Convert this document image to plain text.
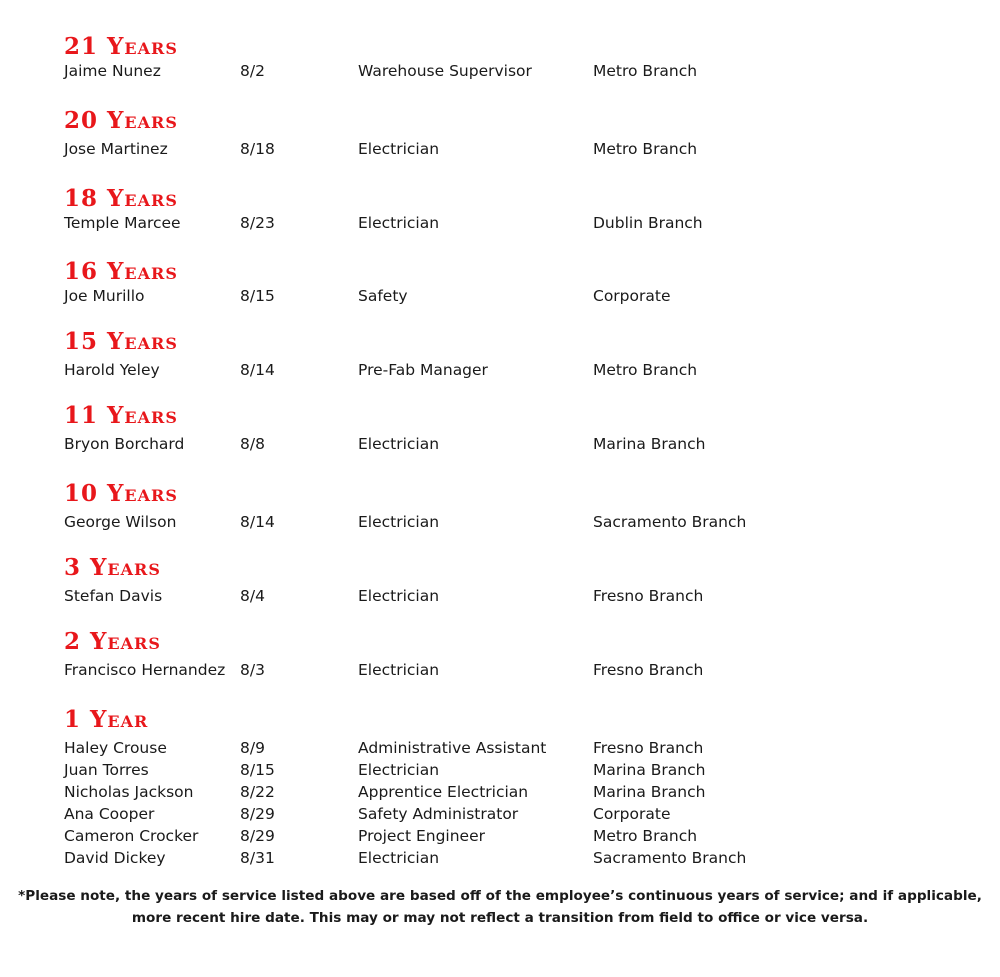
21 Years
Jaime Nunez	8/2	Warehouse Supervisor	Metro Branch
20 Years
Jose Martinez	8/18	Electrician	Metro Branch
18 Years
Temple Marcee	8/23	Electrician	Dublin Branch
16 Years
Joe Murillo	8/15	Safety	Corporate
15 Years
Harold Yeley	8/14	Pre-Fab Manager	Metro Branch
11 Years
Bryon Borchard	8/8	Electrician	Marina Branch
10 Years
George Wilson	8/14	Electrician	Sacramento Branch
3 Years
Stefan Davis	8/4	Electrician	Fresno Branch
2 Years
Francisco Hernandez 8/3	Electrician	Fresno Branch
1 Year
Haley Crouse	8/9	Administrative Assistant	Fresno Branch
Juan Torres	8/15	Electrician	Marina Branch
Nicholas Jackson	8/22	Apprentice Electrician	Marina Branch
Ana Cooper	8/29	Safety Administrator	Corporate
Cameron Crocker	8/29	Project Engineer	Metro Branch
David Dickey	8/31	Electrician	Sacramento Branch
*Please note, the years of service listed above are based off of the employee’s continuous years of service; and if applicable,
more recent hire date. This may or may not reflect a transition from field to office or vice versa.
